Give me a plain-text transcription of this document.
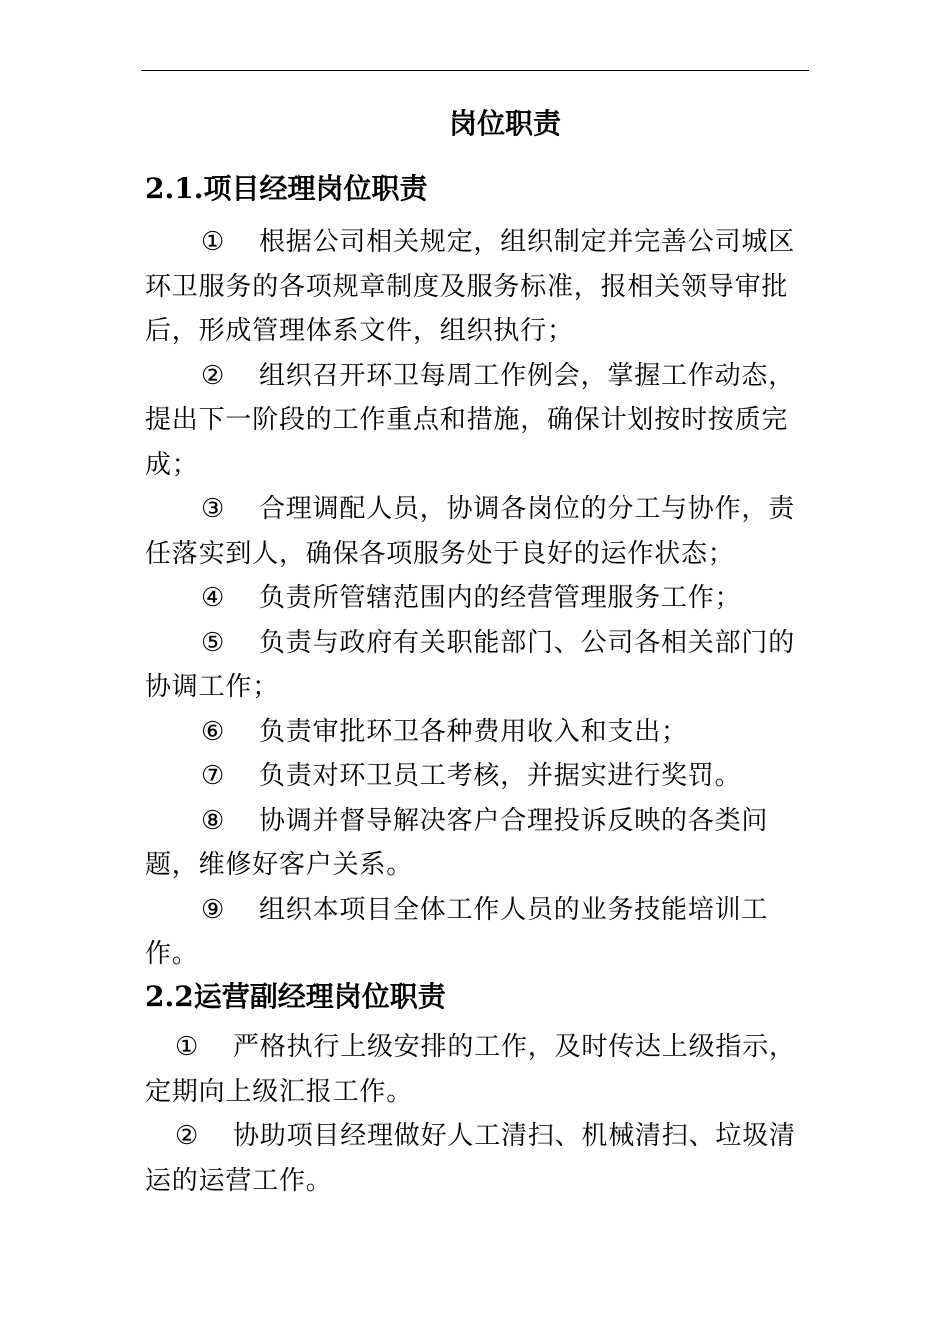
岗位职责
2.1.项目经理岗位职责
① 根据公司相关规定，组织制定并完善公司城区环卫服务的各项规章制度及服务标准，报相关领导审批后，形成管理体系文件，组织执行；
② 组织召开环卫每周工作例会，掌握工作动态，提出下一阶段的工作重点和措施，确保计划按时按质完成；
③ 合理调配人员，协调各岗位的分工与协作，责任落实到人，确保各项服务处于良好的运作状态；
④ 负责所管辖范围内的经营管理服务工作；
⑤ 负责与政府有关职能部门、公司各相关部门的协调工作；
⑥ 负责审批环卫各种费用收入和支出；
⑦ 负责对环卫员工考核，并据实进行奖罚。
⑧ 协调并督导解决客户合理投诉反映的各类问题，维修好客户关系。
⑨ 组织本项目全体工作人员的业务技能培训工作。
2.2运营副经理岗位职责
① 严格执行上级安排的工作，及时传达上级指示，定期向上级汇报工作。
② 协助项目经理做好人工清扫、机械清扫、垃圾清运的运营工作。
